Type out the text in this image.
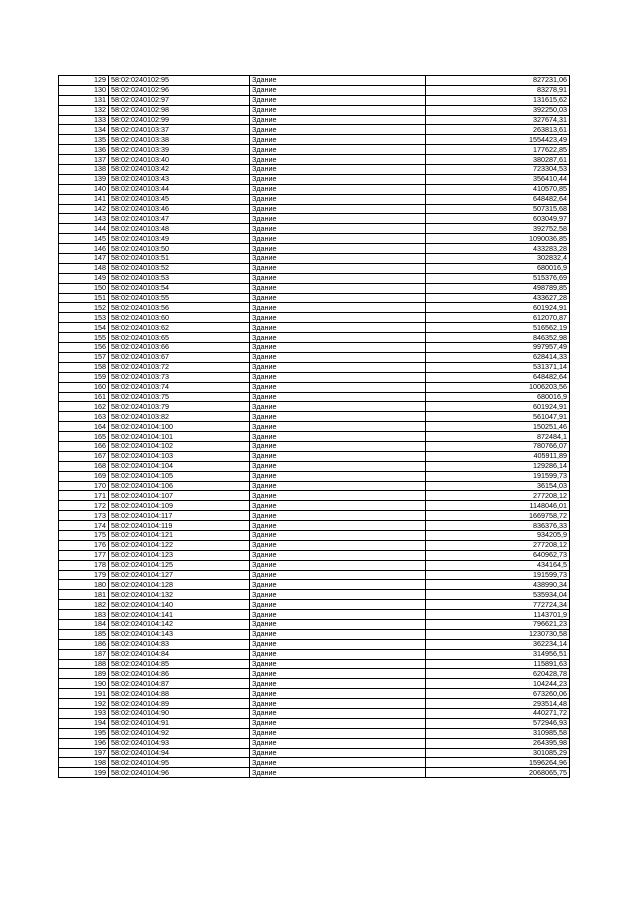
129	58:02:0240102:95	Здание	827231,06
130	58:02:0240102:96	Здание	83278,91
131	58:02:0240102:97	Здание	131615,62
132	58:02:0240102:98	Здание	392250,03
133	58:02:0240102:99	Здание	327674,31
134	58:02:0240103:37	Здание	263813,61
135	58:02:0240103:38	Здание	1554423,49
136	58:02:0240103:39	Здание	177622,85
137	58:02:0240103:40	Здание	380287,61
138	58:02:0240103:42	Здание	723304,53
139	58:02:0240103:43	Здание	356410,44
140	58:02:0240103:44	Здание	410570,85
141	58:02:0240103:45	Здание	648482,64
142	58:02:0240103:46	Здание	507315,68
143	58:02:0240103:47	Здание	603049,97
144	58:02:0240103:48	Здание	392752,58
145	58:02:0240103:49	Здание	1090036,85
146	58:02:0240103:50	Здание	433283,28
147	58:02:0240103:51	Здание	302832,4
148	58:02:0240103:52	Здание	680016,9
149	58:02:0240103:53	Здание	515376,69
150	58:02:0240103:54	Здание	498789,85
151	58:02:0240103:55	Здание	433627,28
152	58:02:0240103:56	Здание	601924,91
153	58:02:0240103:60	Здание	612070,87
154	58:02:0240103:62	Здание	516562,19
155	58:02:0240103:65	Здание	846352,98
156	58:02:0240103:66	Здание	997957,49
157	58:02:0240103:67	Здание	628414,33
158	58:02:0240103:72	Здание	531371,14
159	58:02:0240103:73	Здание	648482,64
160	58:02:0240103:74	Здание	1006203,56
161	58:02:0240103:75	Здание	680016,9
162	58:02:0240103:79	Здание	601924,91
163	58:02:0240103:82	Здание	561047,91
164	58:02:0240104:100	Здание	150251,46
165	58:02:0240104:101	Здание	872484,1
166	58:02:0240104:102	Здание	780766,07
167	58:02:0240104:103	Здание	405911,89
168	58:02:0240104:104	Здание	129286,14
169	58:02:0240104:105	Здание	191599,73
170	58:02:0240104:106	Здание	36154,03
171	58:02:0240104:107	Здание	277208,12
172	58:02:0240104:109	Здание	1148046,01
173	58:02:0240104:117	Здание	1669758,72
174	58:02:0240104:119	Здание	836376,33
175	58:02:0240104:121	Здание	934205,9
176	58:02:0240104:122	Здание	277208,12
177	58:02:0240104:123	Здание	640962,73
178	58:02:0240104:125	Здание	434164,5
179	58:02:0240104:127	Здание	191599,73
180	58:02:0240104:128	Здание	438990,34
181	58:02:0240104:132	Здание	535934,04
182	58:02:0240104:140	Здание	772724,34
183	58:02:0240104:141	Здание	1143701,9
184	58:02:0240104:142	Здание	796621,23
185	58:02:0240104:143	Здание	1230730,58
186	58:02:0240104:83	Здание	362234,14
187	58:02:0240104:84	Здание	314956,51
188	58:02:0240104:85	Здание	115891,63
189	58:02:0240104:86	Здание	620428,78
190	58:02:0240104:87	Здание	104244,23
191	58:02:0240104:88	Здание	673260,06
192	58:02:0240104:89	Здание	293514,48
193	58:02:0240104:90	Здание	440271,72
194	58:02:0240104:91	Здание	572946,93
195	58:02:0240104:92	Здание	310985,58
196	58:02:0240104:93	Здание	264395,98
197	58:02:0240104:94	Здание	301085,29
198	58:02:0240104:95	Здание	1596264,96
199	58:02:0240104:96	Здание	2068065,75
